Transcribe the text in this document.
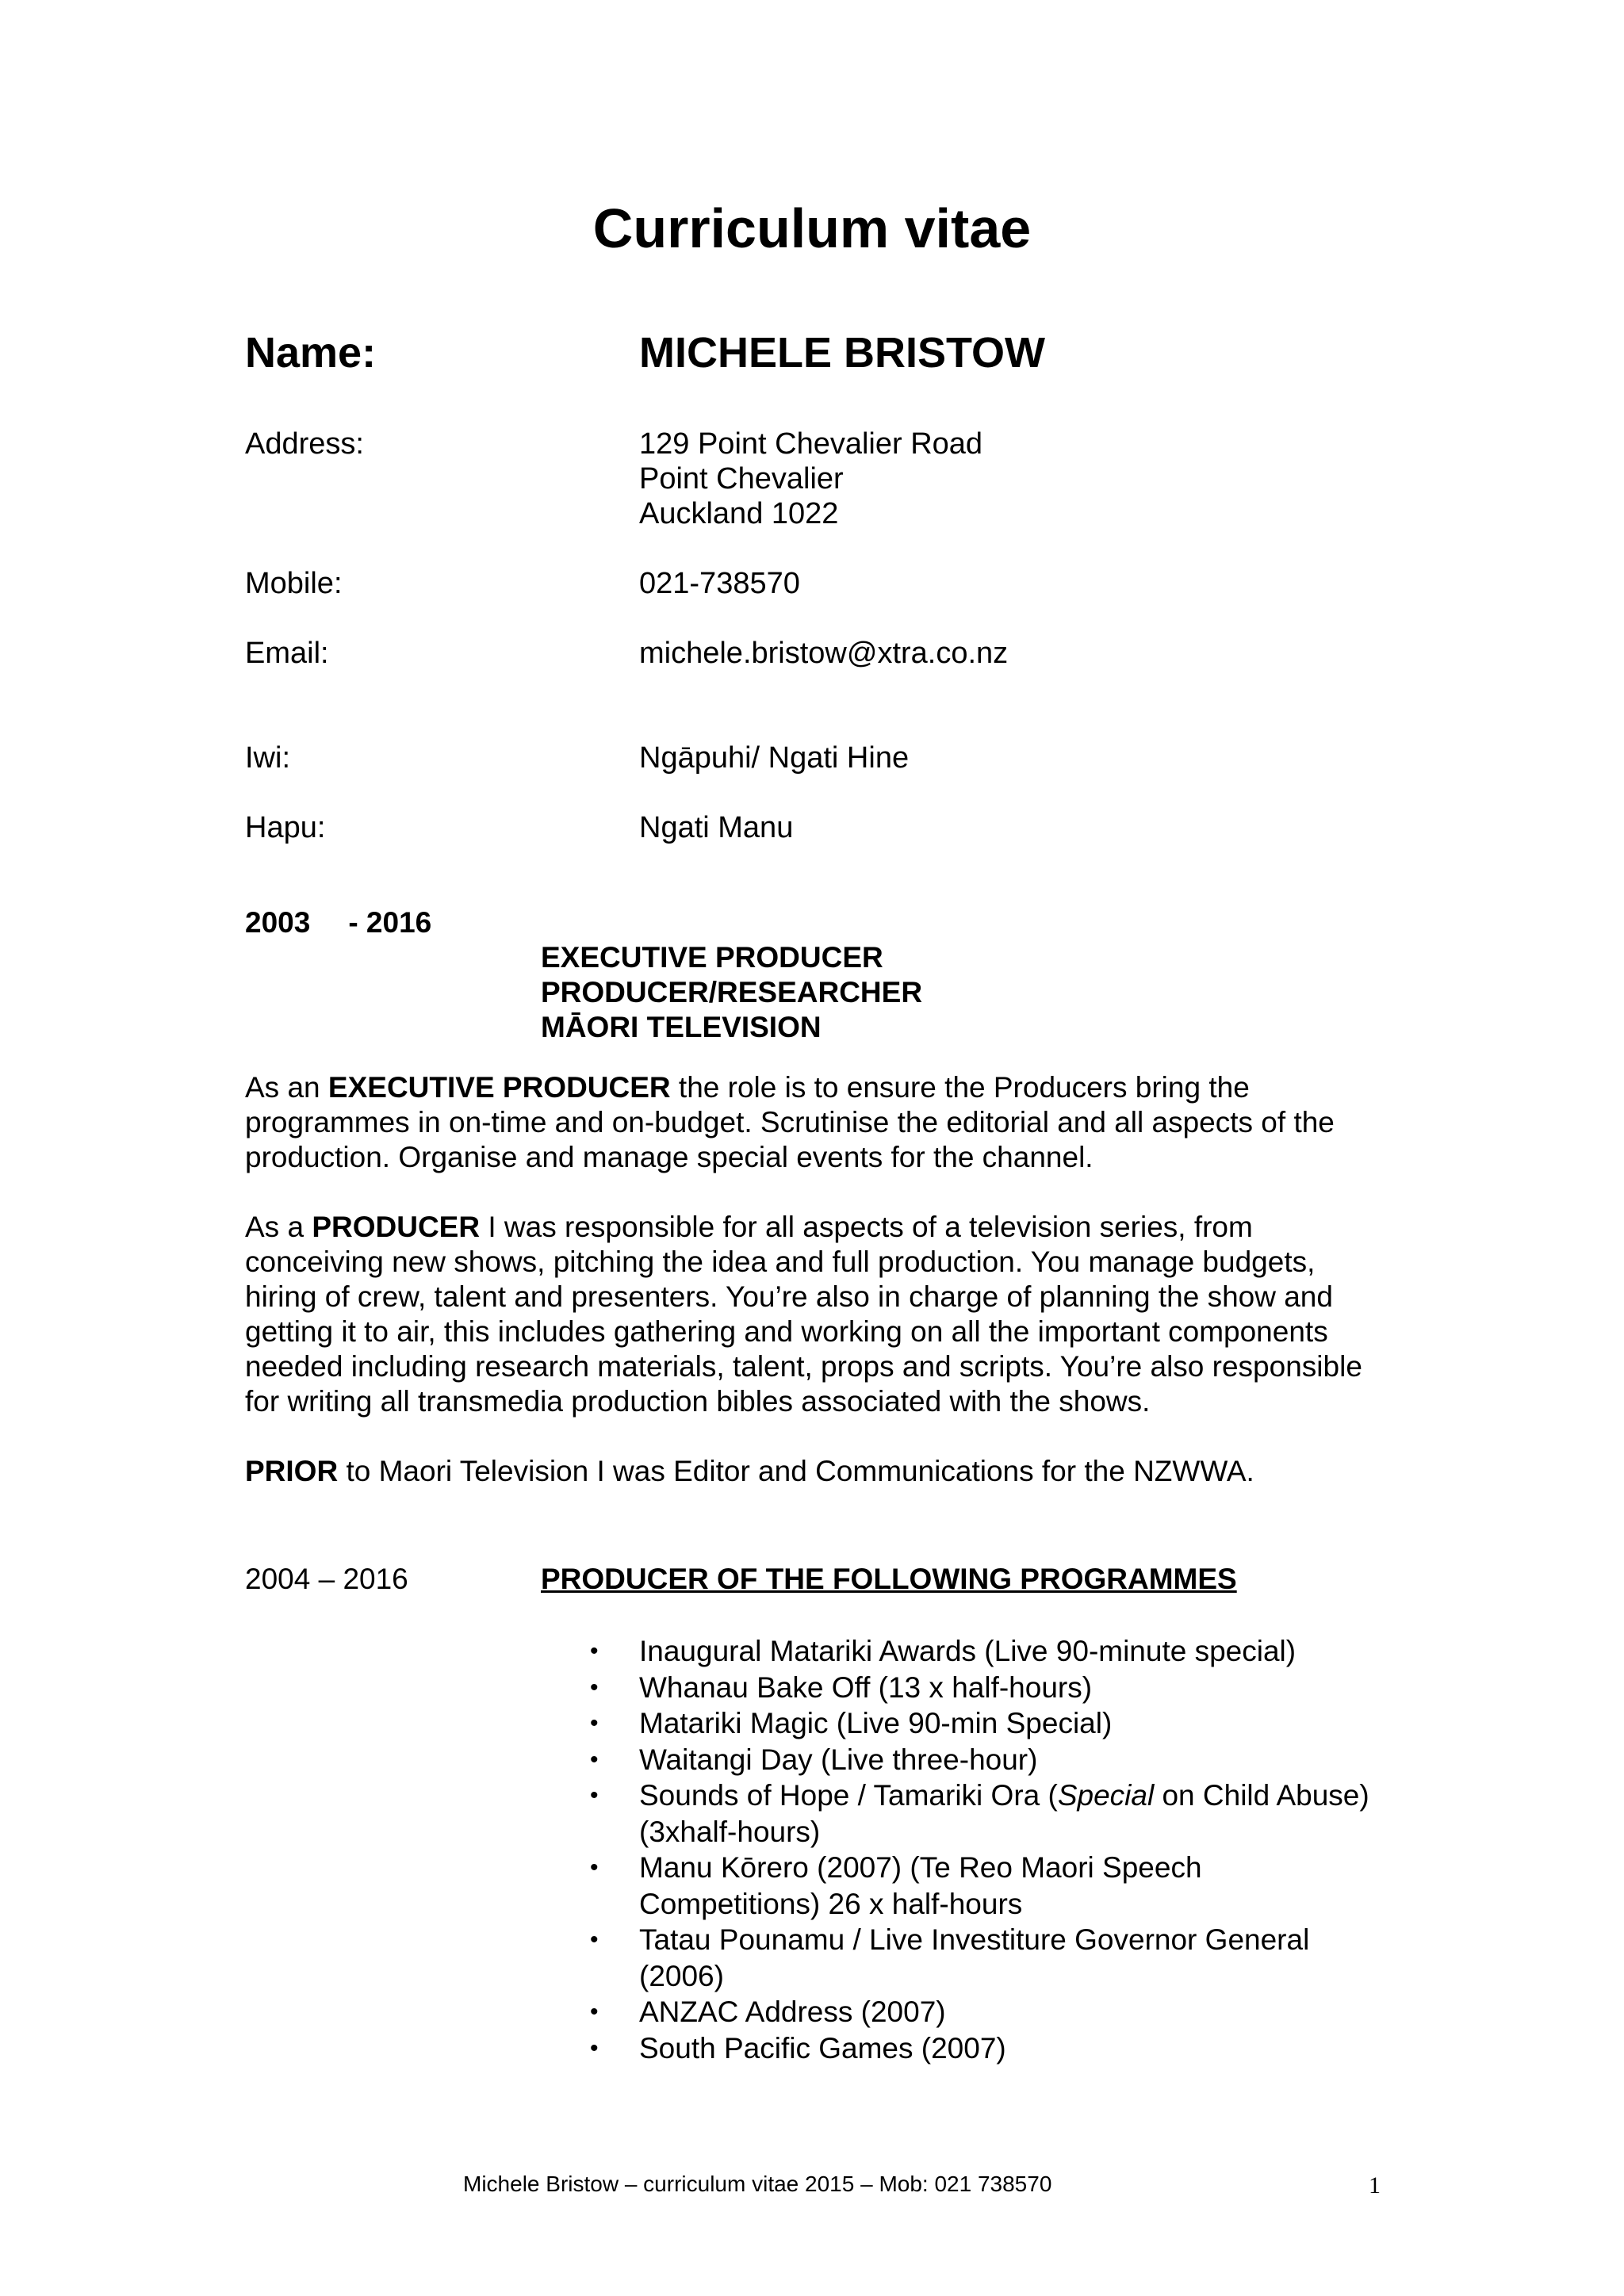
Curriculum vitae
Name:	MICHELE BRISTOW
Address:	129 Point Chevalier Road
Point Chevalier
Auckland 1022
Mobile:	021-738570
Email:	michele.bristow@xtra.co.nz
Iwi:	Ngāpuhi/ Ngati Hine
Hapu:	Ngati Manu
2003 - 2016
EXECUTIVE PRODUCER
PRODUCER/RESEARCHER
MĀORI TELEVISION

As an EXECUTIVE PRODUCER the role is to ensure the Producers bring the programmes in on-time and on-budget. Scrutinise the editorial and all aspects of the production. Organise and manage special events for the channel.

As a PRODUCER I was responsible for all aspects of a television series, from conceiving new shows, pitching the idea and full production. You manage budgets, hiring of crew, talent and presenters. You’re also in charge of planning the show and getting it to air, this includes gathering and working on all the important components needed including research materials, talent, props and scripts. You’re also responsible for writing all transmedia production bibles associated with the shows.

PRIOR to Maori Television I was Editor and Communications for the NZWWA.

2004 – 2016	PRODUCER OF THE FOLLOWING PROGRAMMES
• Inaugural Matariki Awards (Live 90-minute special)
• Whanau Bake Off (13 x half-hours)
• Matariki Magic (Live 90-min Special)
• Waitangi Day (Live three-hour)
• Sounds of Hope / Tamariki Ora (Special on Child Abuse) (3xhalf-hours)
• Manu Kōrero (2007) (Te Reo Maori Speech Competitions) 26 x half-hours
• Tatau Pounamu / Live Investiture Governor General (2006)
• ANZAC Address (2007)
• South Pacific Games (2007)
Michele Bristow – curriculum vitae 2015 – Mob: 021 738570	1
